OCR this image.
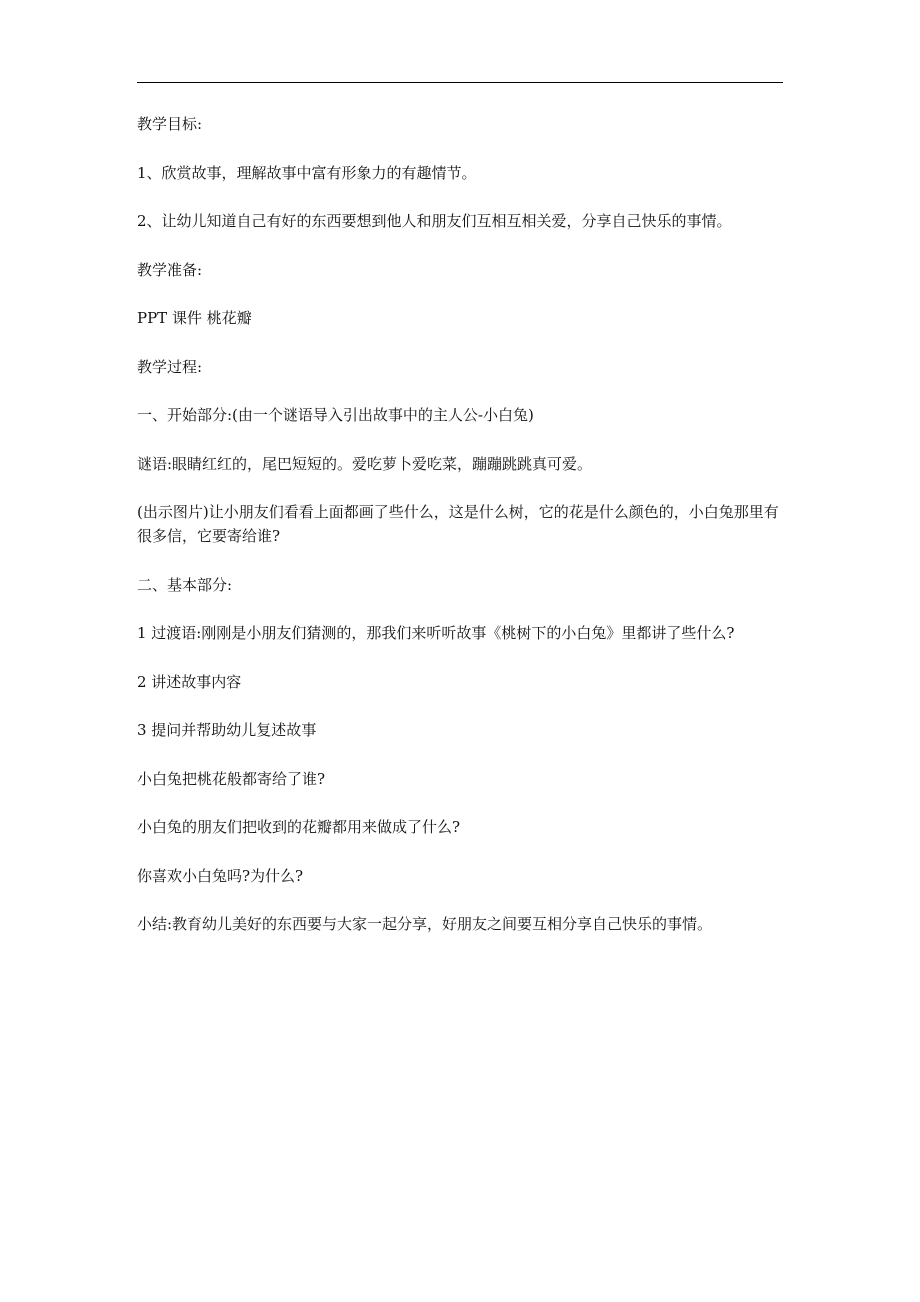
教学目标:

1、欣赏故事，理解故事中富有形象力的有趣情节。

2、让幼儿知道自己有好的东西要想到他人和朋友们互相互相关爱，分享自己快乐的事情。

教学准备:

PPT 课件 桃花瓣

教学过程:

一、开始部分:(由一个谜语导入引出故事中的主人公-小白兔)

谜语:眼睛红红的，尾巴短短的。爱吃萝卜爱吃菜，蹦蹦跳跳真可爱。

(出示图片)让小朋友们看看上面都画了些什么，这是什么树，它的花是什么颜色的，小白兔那里有很多信，它要寄给谁?

二、基本部分:

1 过渡语:刚刚是小朋友们猜测的，那我们来听听故事《桃树下的小白兔》里都讲了些什么?

2 讲述故事内容

3 提问并帮助幼儿复述故事

小白兔把桃花般都寄给了谁?

小白兔的朋友们把收到的花瓣都用来做成了什么?

你喜欢小白兔吗?为什么?

小结:教育幼儿美好的东西要与大家一起分享，好朋友之间要互相分享自己快乐的事情。
